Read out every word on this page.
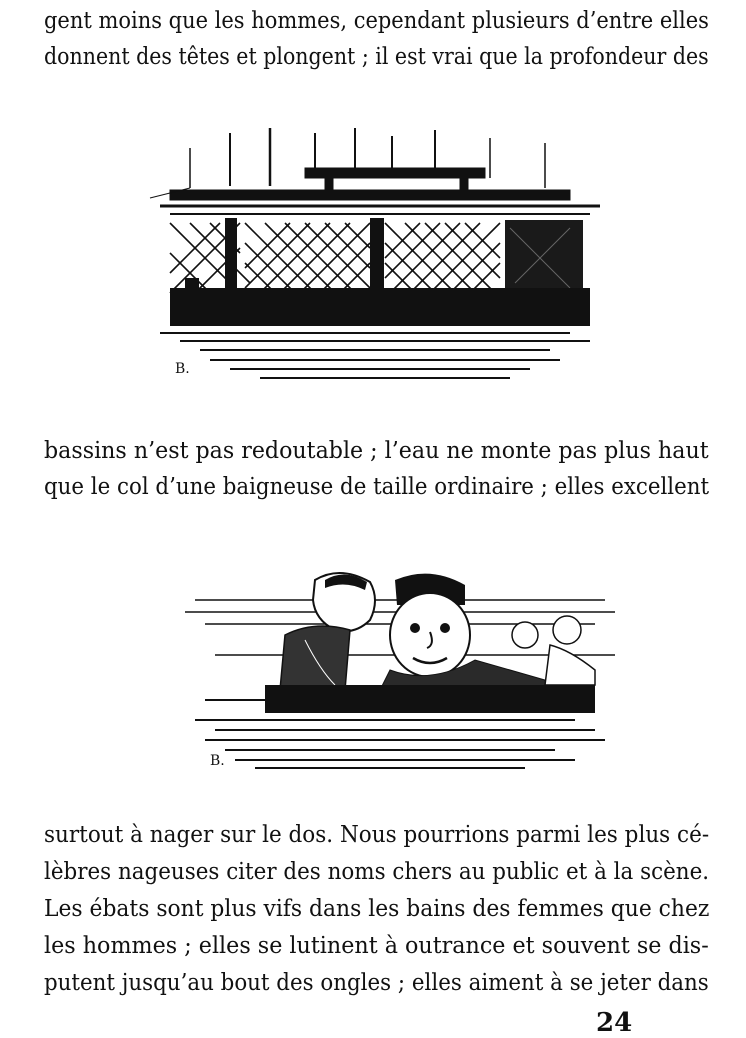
gent moins que les hommes, cependant plusieurs d’entre elles
donnent des têtes et plongent ; il est vrai que la profondeur des
B.
bassins n’est pas redoutable ; l’eau ne monte pas plus haut
que le col d’une baigneuse de taille ordinaire ; elles excellent
B.
surtout à nager sur le dos. Nous pourrions parmi les plus cé-
lèbres nageuses citer des noms chers au public et à la scène.
Les ébats sont plus vifs dans les bains des femmes que chez
les hommes ; elles se lutinent à outrance et souvent se dis-
putent jusqu’au bout des ongles ; elles aiment à se jeter dans
24
